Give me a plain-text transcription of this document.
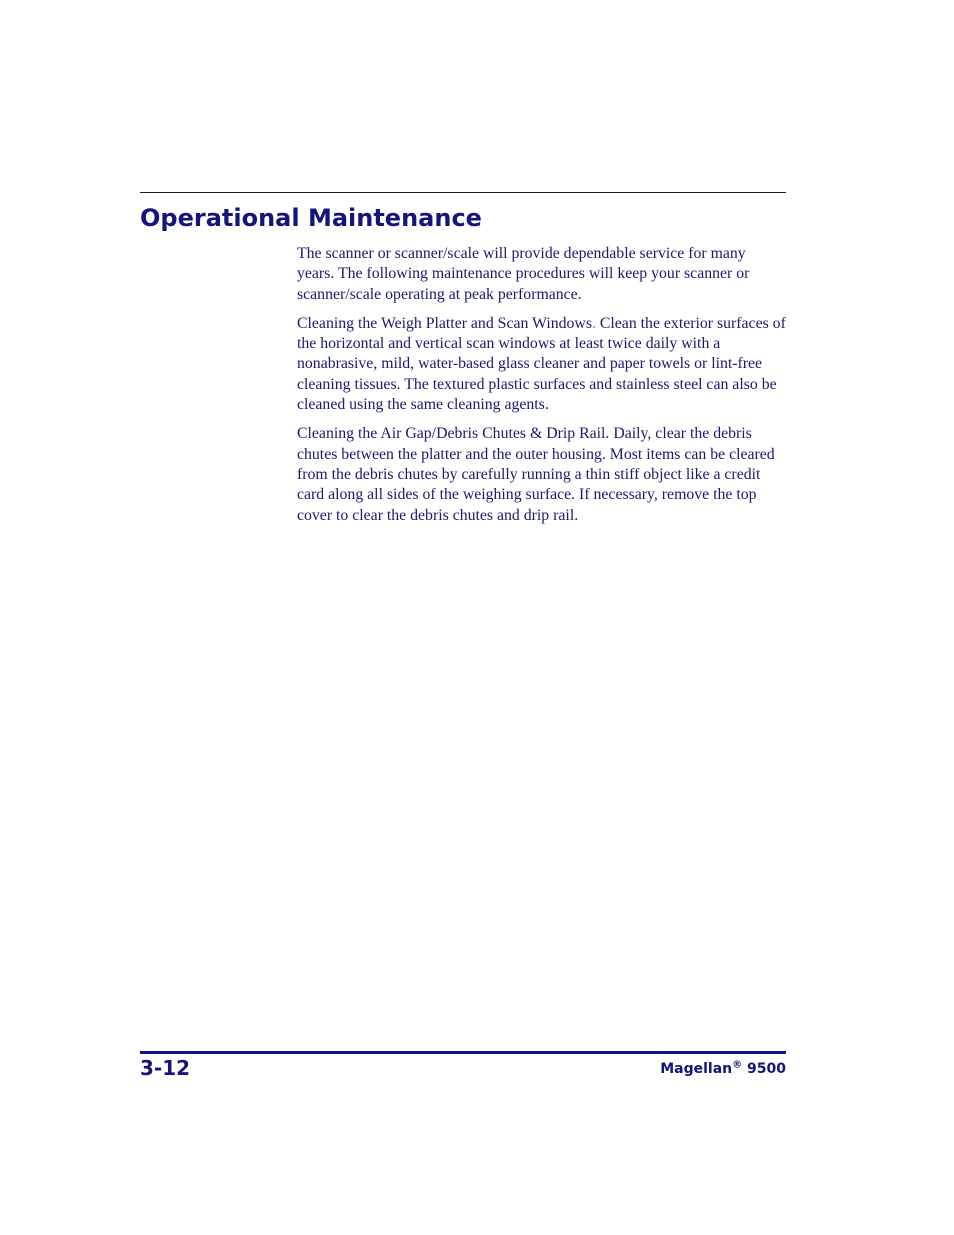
Operational Maintenance

The scanner or scanner/scale will provide dependable service for many years. The following maintenance procedures will keep your scanner or scanner/scale operating at peak performance.

Cleaning the Weigh Platter and Scan Windows. Clean the exterior surfaces of the horizontal and vertical scan windows at least twice daily with a nonabrasive, mild, water-based glass cleaner and paper towels or lint-free cleaning tissues. The textured plastic surfaces and stainless steel can also be cleaned using the same cleaning agents.

Cleaning the Air Gap/Debris Chutes & Drip Rail. Daily, clear the debris chutes between the platter and the outer housing. Most items can be cleared from the debris chutes by carefully running a thin stiff object like a credit card along all sides of the weighing surface. If necessary, remove the top cover to clear the debris chutes and drip rail.

3-12	Magellan® 9500
